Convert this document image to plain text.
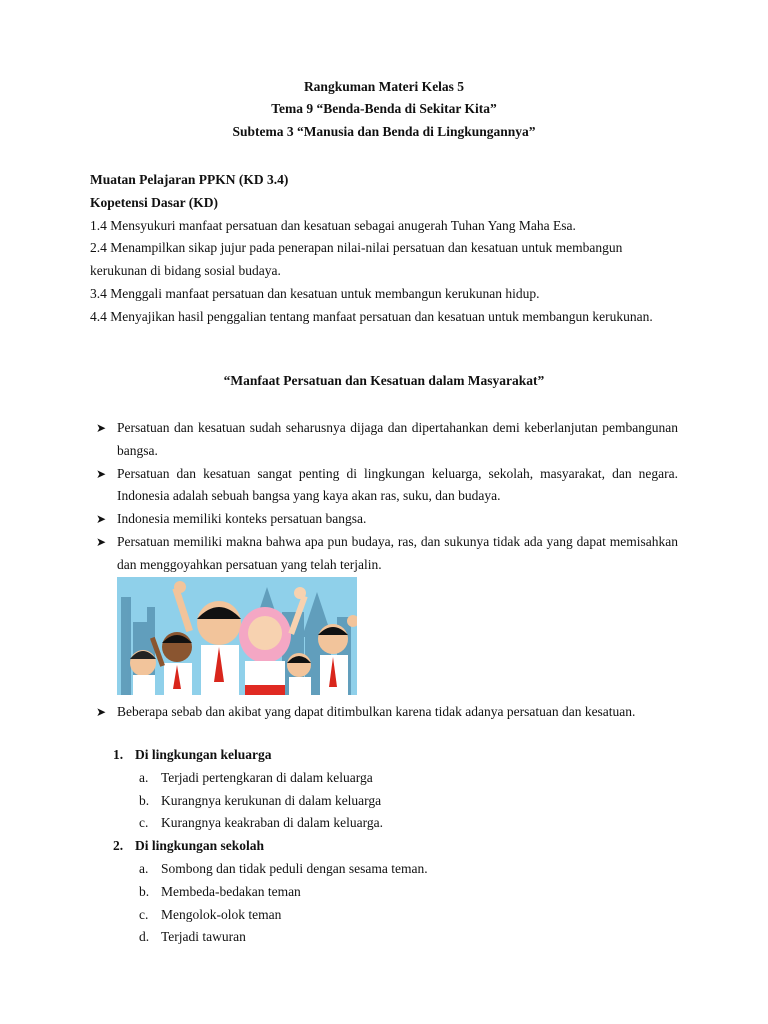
Rangkuman Materi Kelas 5
Tema 9 “Benda-Benda di Sekitar Kita”
Subtema 3 “Manusia dan Benda di Lingkungannya”

Muatan Pelajaran PPKN (KD 3.4)

Kopetensi Dasar (KD)

1.4 Mensyukuri manfaat persatuan dan kesatuan sebagai anugerah Tuhan Yang Maha Esa.

2.4 Menampilkan sikap jujur pada penerapan nilai-nilai persatuan dan kesatuan untuk membangun kerukunan di bidang sosial budaya.

3.4 Menggali manfaat persatuan dan kesatuan untuk membangun kerukunan hidup.

4.4 Menyajikan hasil penggalian tentang manfaat persatuan dan kesatuan untuk membangun kerukunan.

“Manfaat Persatuan dan Kesatuan dalam Masyarakat”
➤ Persatuan dan kesatuan sudah seharusnya dijaga dan dipertahankan demi keberlanjutan pembangunan bangsa.
➤ Persatuan dan kesatuan sangat penting di lingkungan keluarga, sekolah, masyarakat, dan negara. Indonesia adalah sebuah bangsa yang kaya akan ras, suku, dan budaya.
➤ Indonesia memiliki konteks persatuan bangsa.
➤ Persatuan memiliki makna bahwa apa pun budaya, ras, dan sukunya tidak ada yang dapat memisahkan dan menggoyahkan persatuan yang telah terjalin.
➤ Beberapa sebab dan akibat yang dapat ditimbulkan karena tidak adanya persatuan dan kesatuan.
1. Di lingkungan keluarga
a. Terjadi pertengkaran di dalam keluarga
b. Kurangnya kerukunan di dalam keluarga
c. Kurangnya keakraban di dalam keluarga.
2. Di lingkungan sekolah
a. Sombong dan tidak peduli dengan sesama teman.
b. Membeda-bedakan teman
c. Mengolok-olok teman
d. Terjadi tawuran
